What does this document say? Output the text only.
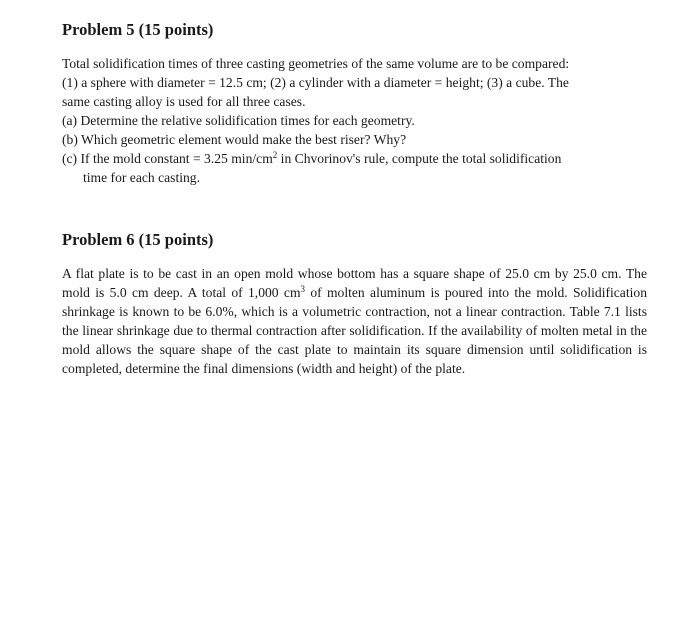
Problem 5 (15 points)
Total solidification times of three casting geometries of the same volume are to be compared:
(1) a sphere with diameter = 12.5 cm; (2) a cylinder with a diameter = height; (3) a cube. The
same casting alloy is used for all three cases.
(a) Determine the relative solidification times for each geometry.
(b) Which geometric element would make the best riser? Why?
(c) If the mold constant = 3.25 $\min/cm^2$ in Chvorinov's rule, compute the total solidification
time for each casting.
Problem 6 (15 points)

A flat plate is to be cast in an open mold whose bottom has a square shape of 25.0 cm by 25.0 cm. The mold is 5.0 cm deep. A total of 1,000 $cm^3$ of molten aluminum is poured into the mold. Solidification shrinkage is known to be 6.0%, which is a volumetric contraction, not a linear contraction. Table 7.1 lists the linear shrinkage due to thermal contraction after solidification. If the availability of molten metal in the mold allows the square shape of the cast plate to maintain its square dimension until solidification is completed, determine the final dimensions (width and height) of the plate.
